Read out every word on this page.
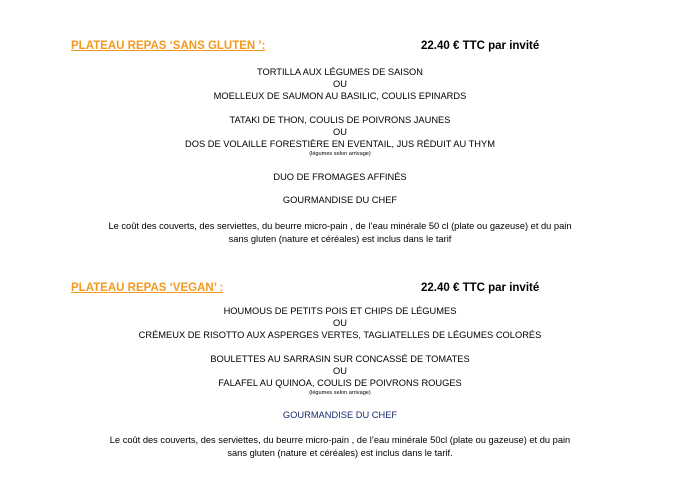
PLATEAU REPAS ‘SANS GLUTEN ’:	22.40 € TTC par invité
TORTILLA AUX LÉGUMES DE SAISON
OU
MOELLEUX DE SAUMON AU BASILIC, COULIS EPINARDS
TATAKI DE THON, COULIS DE POIVRONS JAUNES
OU
DOS DE VOLAILLE FORESTIÈRE EN EVENTAIL, JUS RÉDUIT AU THYM
(légumes selon arrivage)
DUO DE FROMAGES AFFINÉS
GOURMANDISE DU CHEF
Le coût des couverts, des serviettes, du beurre micro-pain , de l’eau minérale 50 cl (plate ou gazeuse) et du pain
sans gluten (nature et céréales) est inclus dans le tarif
PLATEAU REPAS ‘VEGAN’ :	22.40 € TTC par invité
HOUMOUS DE PETITS POIS ET CHIPS DE LÉGUMES
OU
CRÉMEUX DE RISOTTO AUX ASPERGES VERTES, TAGLIATELLES DE LÉGUMES COLORÉS
BOULETTES AU SARRASIN SUR CONCASSÉ DE TOMATES
OU
FALAFEL AU QUINOA, COULIS DE POIVRONS ROUGES
(légumes selon arrivage)
GOURMANDISE DU CHEF
Le coût des couverts, des serviettes, du beurre micro-pain , de l’eau minérale 50cl (plate ou gazeuse) et du pain
sans gluten (nature et céréales) est inclus dans le tarif.
